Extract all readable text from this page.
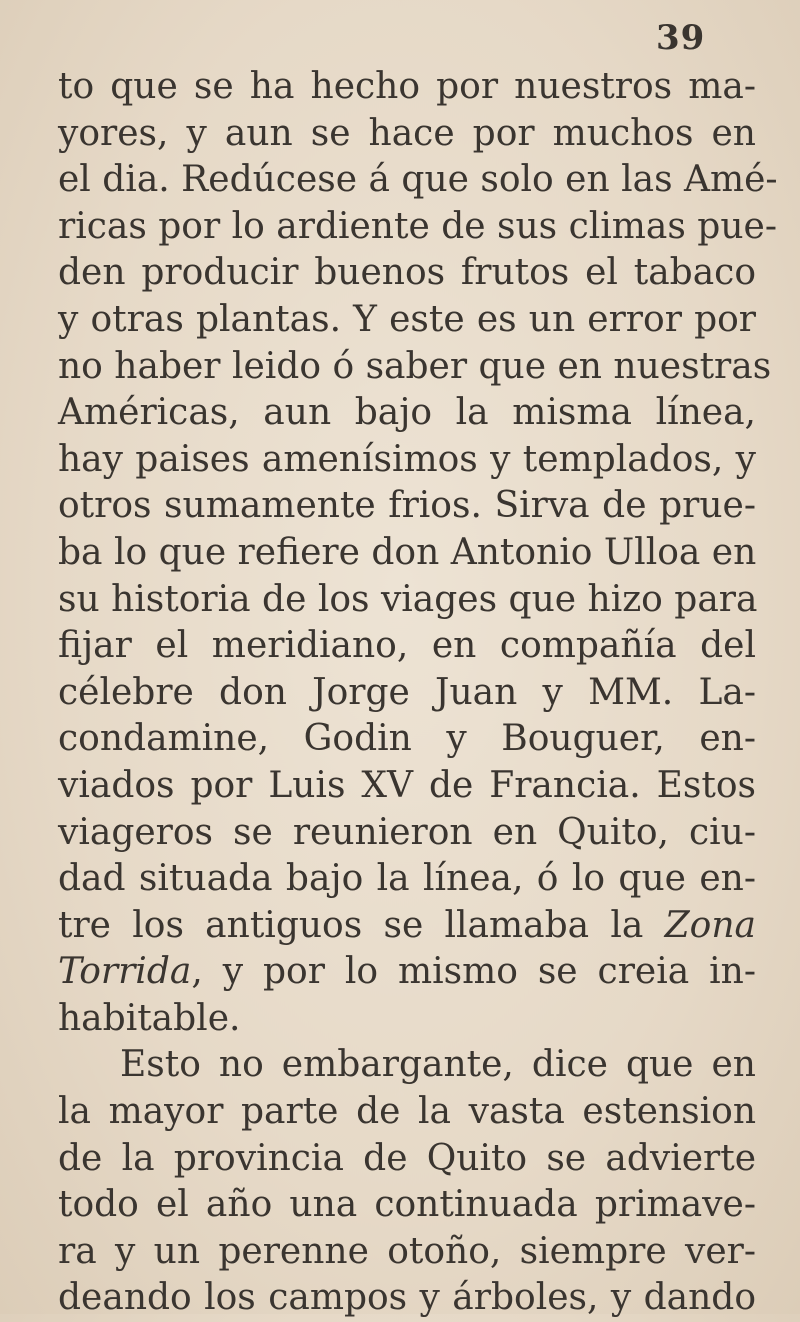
39
to que se ha hecho por nuestros ma-
yores, y aun se hace por muchos en
el dia. Redúcese á que solo en las Amé-
ricas por lo ardiente de sus climas pue-
den producir buenos frutos el tabaco
y otras plantas. Y este es un error por
no haber leido ó saber que en nuestras
Américas, aun bajo la misma línea,
hay paises amenísimos y templados, y
otros sumamente frios. Sirva de prue-
ba lo que refiere don Antonio Ulloa en
su historia de los viages que hizo para
fijar el meridiano, en compañía del
célebre don Jorge Juan y MM. La-
condamine, Godin y Bouguer, en-
viados por Luis XV de Francia. Estos
viageros se reunieron en Quito, ciu-
dad situada bajo la línea, ó lo que en-
tre los antiguos se llamaba la Zona
Torrida, y por lo mismo se creia in-
habitable.
Esto no embargante, dice que en
la mayor parte de la vasta estension
de la provincia de Quito se advierte
todo el año una continuada primave-
ra y un perenne otoño, siempre ver-
deando los campos y árboles, y dando
